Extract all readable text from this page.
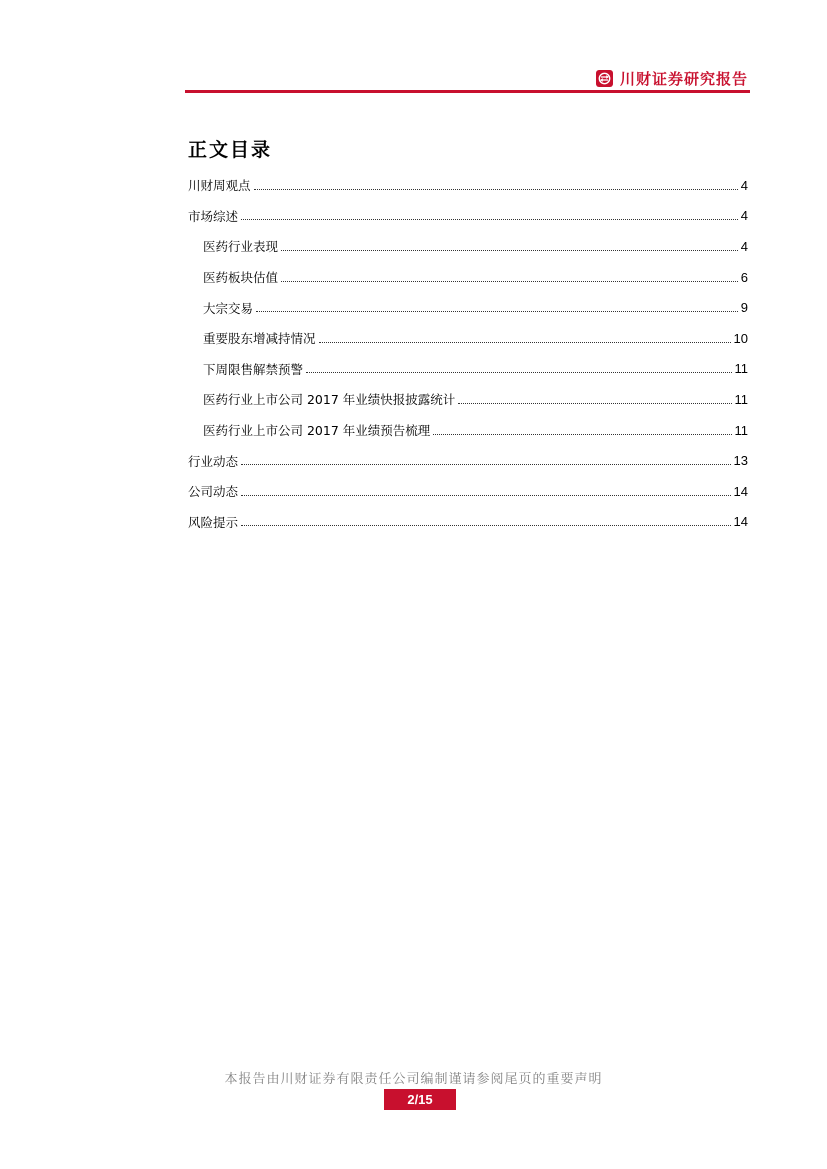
川财证券研究报告
正文目录
川财周观点	4
市场综述	4
医药行业表现	4
医药板块估值	6
大宗交易	9
重要股东增减持情况	10
下周限售解禁预警	11
医药行业上市公司 2017 年业绩快报披露统计	11
医药行业上市公司 2017 年业绩预告梳理	11
行业动态	13
公司动态	14
风险提示	14
本报告由川财证券有限责任公司编制谨请参阅尾页的重要声明
2/15
